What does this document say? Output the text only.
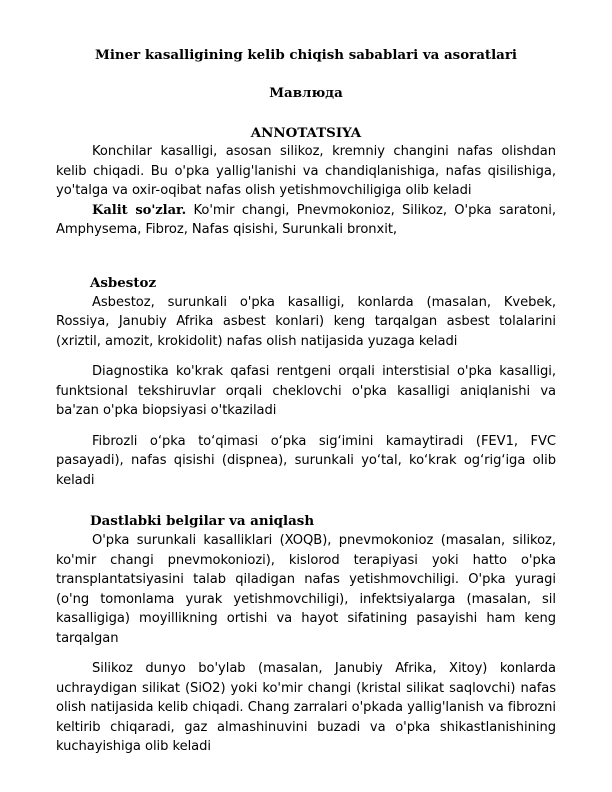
Miner kasalligining kelib chiqish sabablari va asoratlari

Мавлюда

ANNOTATSIYA

Konchilar kasalligi, asosan silikoz, kremniy changini nafas olishdan kelib chiqadi. Bu o'pka yallig'lanishi va chandiqlanishiga, nafas qisilishiga, yo'talga va oxir-oqibat nafas olish yetishmovchiligiga olib keladi

Kalit so'zlar. Ko'mir changi, Pnevmokonioz, Silikoz, O'pka saratoni, Amphysema, Fibroz, Nafas qisishi, Surunkali bronxit,

Asbestoz

Asbestoz, surunkali o'pka kasalligi, konlarda (masalan, Kvebek, Rossiya, Janubiy Afrika asbest konlari) keng tarqalgan asbest tolalarini (xriztil, amozit, krokidolit) nafas olish natijasida yuzaga keladi

Diagnostika ko'krak qafasi rentgeni orqali interstisial o'pka kasalligi, funktsional tekshiruvlar orqali cheklovchi o'pka kasalligi aniqlanishi va ba'zan o'pka biopsiyasi o'tkaziladi

Fibrozli o‘pka to‘qimasi o‘pka sig‘imini kamaytiradi (FEV1, FVC pasayadi), nafas qisishi (dispnea), surunkali yo‘tal, ko‘krak og‘rig‘iga olib keladi

Dastlabki belgilar va aniqlash

O'pka surunkali kasalliklari (XOQB), pnevmokonioz (masalan, silikoz, ko'mir changi pnevmokoniozi), kislorod terapiyasi yoki hatto o'pka transplantatsiyasini talab qiladigan nafas yetishmovchiligi. O'pka yuragi (o'ng tomonlama yurak yetishmovchiligi), infektsiyalarga (masalan, sil kasalligiga) moyillikning ortishi va hayot sifatining pasayishi ham keng tarqalgan

Silikoz dunyo bo'ylab (masalan, Janubiy Afrika, Xitoy) konlarda uchraydigan silikat (SiO2) yoki ko'mir changi (kristal silikat saqlovchi) nafas olish natijasida kelib chiqadi. Chang zarralari o'pkada yallig'lanish va fibrozni keltirib chiqaradi, gaz almashinuvini buzadi va o'pka shikastlanishining kuchayishiga olib keladi
